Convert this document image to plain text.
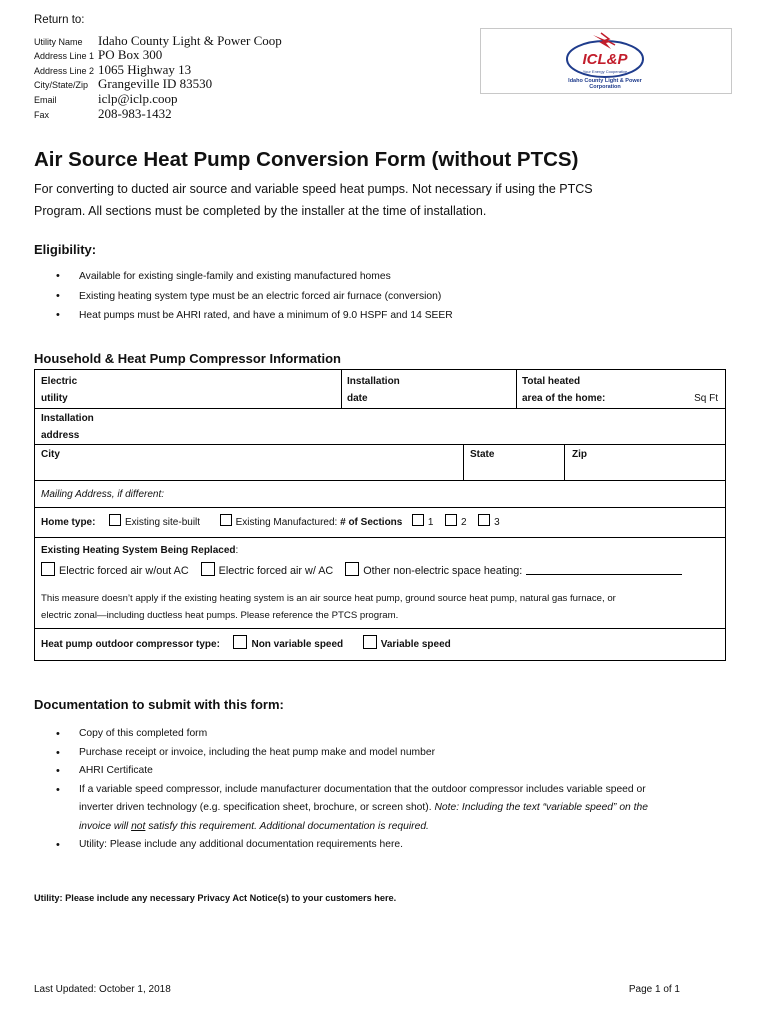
Return to:
Utility Name Idaho County Light & Power Coop
Address Line 1 PO Box 300
Address Line 2 1065 Highway 13
City/State/Zip Grangeville ID 83530
Email	iclp@iclp.coop
Fax	208-983-1432
ICL&P
Your Energy Cooperative
Idaho County Light & Power
Corporation
Air Source Heat Pump Conversion Form (without PTCS)
For converting to ducted air source and variable speed heat pumps. Not necessary if using the PTCS
Program. All sections must be completed by the installer at the time of installation.
Eligibility:
• Available for existing single-family and existing manufactured homes
• Existing heating system type must be an electric forced air furnace (conversion)
• Heat pumps must be AHRI rated, and have a minimum of 9.0 HSPF and 14 SEER
Household & Heat Pump Compressor Information
Electric
utility
Installation
date
Total heated
area of the home:	Sq Ft
Installation
address
City	State	Zip
Mailing Address, if different:
Home type:	Existing site-built	Existing Manufactured: # of Sections	1	2	3
Existing Heating System Being Replaced:
Electric forced air w/out AC	Electric forced air w/ AC	Other non-electric space heating:
This measure doesn’t apply if the existing heating system is an air source heat pump, ground source heat pump, natural gas furnace, or
electric zonal—including ductless heat pumps. Please reference the PTCS program.
Heat pump outdoor compressor type:	Non variable speed	Variable speed
Documentation to submit with this form:
• Copy of this completed form
• Purchase receipt or invoice, including the heat pump make and model number
• AHRI Certificate
• If a variable speed compressor, include manufacturer documentation that the outdoor compressor includes variable speed or
inverter driven technology (e.g. specification sheet, brochure, or screen shot). Note: Including the text “variable speed” on the
invoice will not satisfy this requirement. Additional documentation is required.
• Utility: Please include any additional documentation requirements here.
Utility: Please include any necessary Privacy Act Notice(s) to your customers here.
Last Updated: October 1, 2018	Page 1 of 1
